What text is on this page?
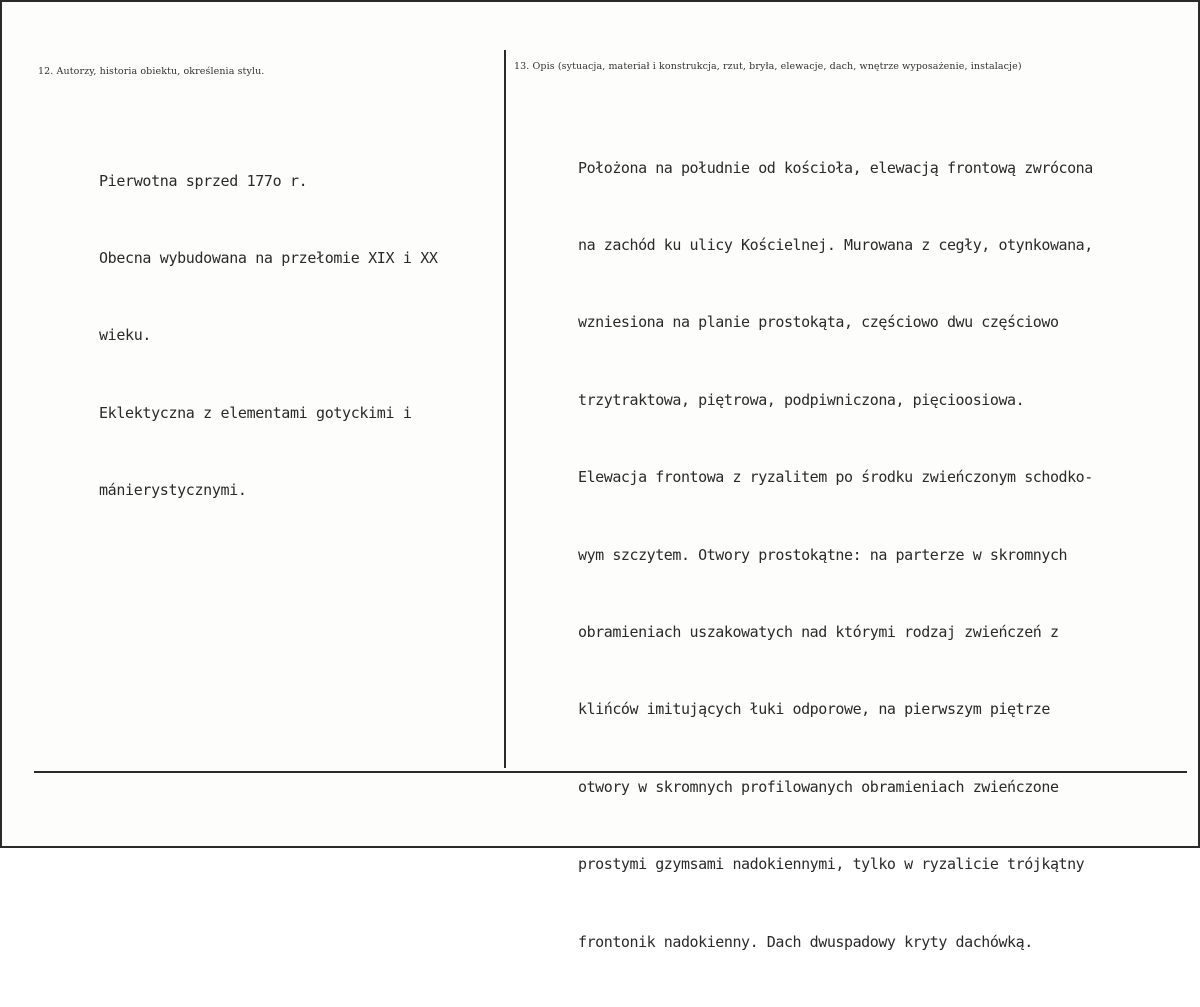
12. Autorzy, historia obiektu, określenia stylu.	13. Opis (sytuacja, materiał i konstrukcja, rzut, bryła, elewacje, dach, wnętrze wyposażenie, instalacje)

Pierwotna sprzed 177o r.

Obecna wybudowana na przełomie XIX i XX

wieku.

Eklektyczna z elementami gotyckimi i

mánierystycznymi.

Położona na południe od kościoła, elewacją frontową zwrócona

na zachód ku ulicy Kościelnej. Murowana z cegły, otynkowana,

wzniesiona na planie prostokąta, częściowo dwu częściowo

trzytraktowa, piętrowa, podpiwniczona, pięcioosiowa.

Elewacja frontowa z ryzalitem po środku zwieńczonym schodko-

wym szczytem. Otwory prostokątne: na parterze w skromnych

obramieniach uszakowatych nad którymi rodzaj zwieńczeń z

klińców imitujących łuki odporowe, na pierwszym piętrze

otwory w skromnych profilowanych obramieniach zwieńczone

prostymi gzymsami nadokiennymi, tylko w ryzalicie trójkątny

frontonik nadokienny. Dach dwuspadowy kryty dachówką.
